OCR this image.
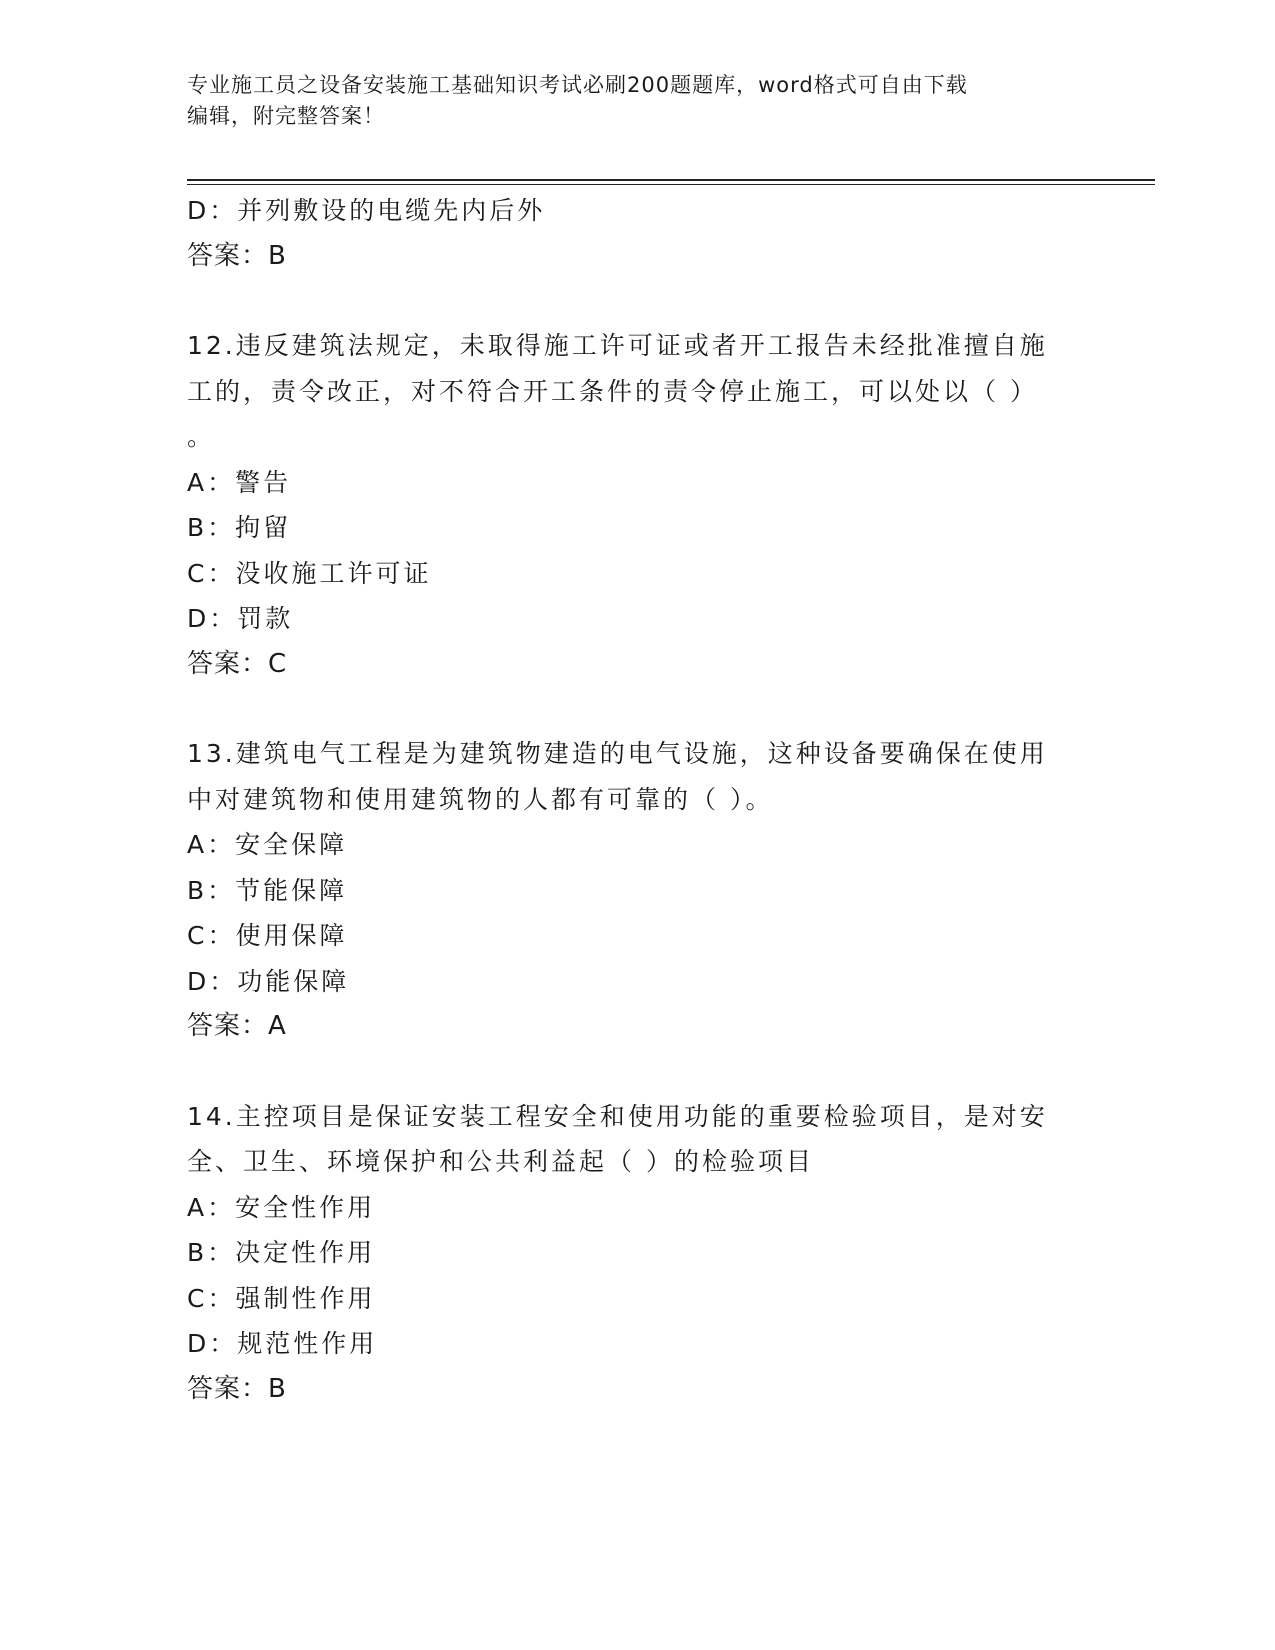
专业施工员之设备安装施工基础知识考试必刷200题题库，word格式可自由下载
编辑，附完整答案！
D：并列敷设的电缆先内后外
答案：B
12.违反建筑法规定，未取得施工许可证或者开工报告未经批准擅自施
工的，责令改正，对不符合开工条件的责令停止施工，可以处以（ ）
。
A：警告
B：拘留
C：没收施工许可证
D：罚款
答案：C
13.建筑电气工程是为建筑物建造的电气设施，这种设备要确保在使用
中对建筑物和使用建筑物的人都有可靠的（ ）。
A：安全保障
B：节能保障
C：使用保障
D：功能保障
答案：A
14.主控项目是保证安装工程安全和使用功能的重要检验项目，是对安
全、卫生、环境保护和公共利益起（ ）的检验项目
A：安全性作用
B：决定性作用
C：强制性作用
D：规范性作用
答案：B
